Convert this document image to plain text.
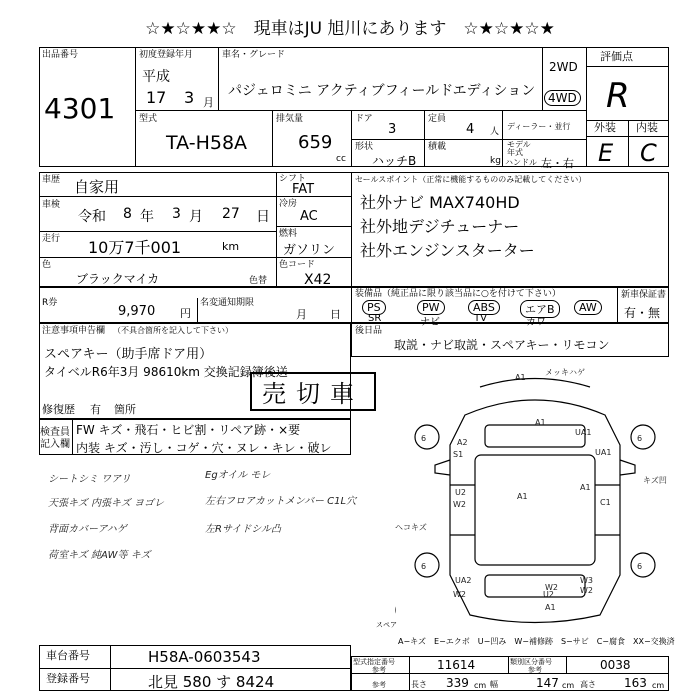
☆★☆★★☆　現車はJU 旭川にあります　☆★☆★☆★
出品番号
4301
初度登録年月
平成
17 3 月
車名・グレード
パジェロミニ アクティブフィールドエディション
2WD
4WD
評価点
R
外装 内装
E C
型式
TA-H58A
排気量
659
cc
ドア
3
定員
4 人
ディーラー・並行
形状
ハッチB
積載
kg
モデル
年式
ハンドル 左・右
車歴 自家用
車検
令和 8 年 3 月 27 日
走行 10万7千001	km
シフト
FAT
冷房
AC
燃料
ガソリン
色
ブラックマイカ	色替
色コード
X42
セールスポイント（正常に機能するもののみ記載してください）
社外ナビ MAX740HD
社外地デジチューナー
社外エンジンスターター
R券
9,970 円
名変通知期限
月 日
装備品（純正品に限り該当品に○を付けて下さい）
PS
SR
PW
ナビ
ABS
TV
エアB
カワ
AW
新車保証書
有・無
注意事項申告欄 （不具合箇所を記入して下さい）
スペアキー（助手席ドア用）
タイベルR6年3月 98610km 交換記録簿後送
売切車
修復歴 有 箇所
後日品
取説・ナビ取説・スペアキー・リモコン
検査員
記入欄
FW キズ・飛石・ヒビ割・リペア跡・×要
内装 キズ・汚し・コゲ・穴・ヌレ・キレ・破レ
シートシミ ワアリ
天張キズ 内張キズ ヨゴレ
背面カバーアハゲ
荷室キズ 純AW等 キズ
Egオイル モレ
左右フロアカットメンバー C1L穴
左Rサイドシル凸
6	6
6	6
A1
A2
S1
U2
W2
A1
UA1
C1
UA2
W2
W2
W3
W2
U2
A1
A1
A1
UA1
メッキハゲ
キズ凹
ヘコキズ
スペア
A−キズ　E−エクボ　U−凹み　W−補修跡　S−サビ　C−腐食　XX−交換済
車台番号	H58A-0603543
登録番号	北見 580 す 8424
型式指定番号
参考	11614	類別区分番号
参考	0038
参考	長さ 339 cm 幅	147 cm 高さ 163 cm
